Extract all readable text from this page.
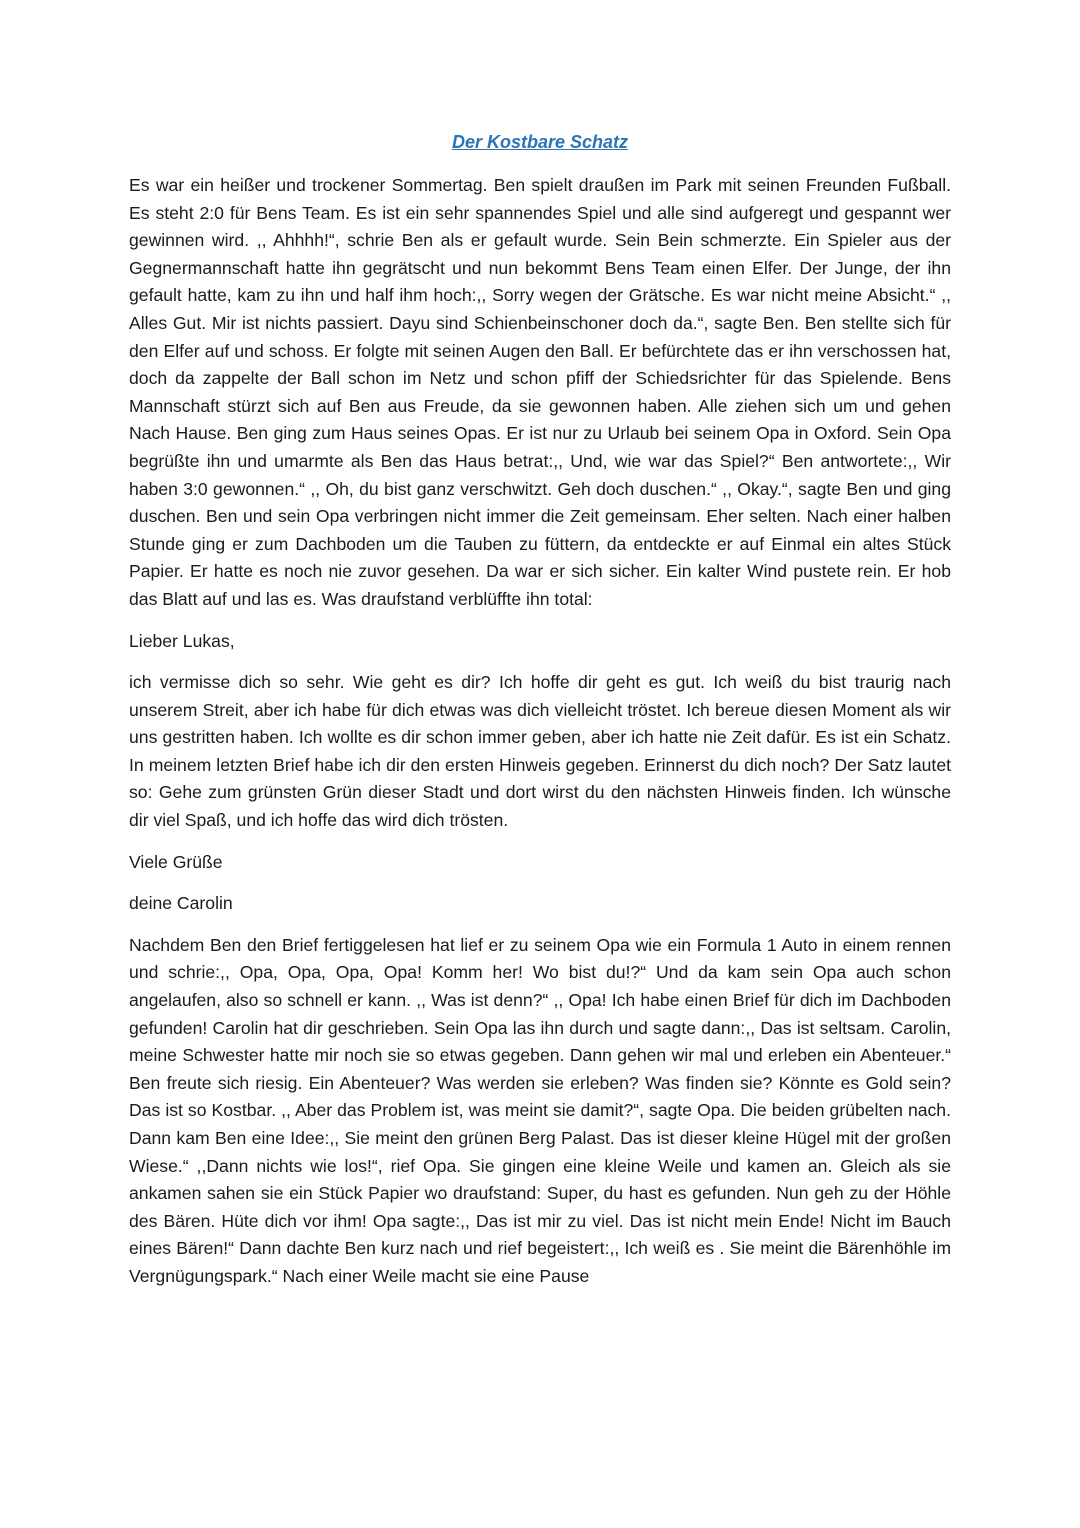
Der Kostbare Schatz

Es war ein heißer und trockener Sommertag. Ben spielt draußen im Park mit seinen Freunden Fußball. Es steht 2:0 für Bens Team. Es ist ein sehr spannendes Spiel und alle sind aufgeregt und gespannt wer gewinnen wird. ,, Ahhhh!“, schrie Ben als er gefault wurde. Sein Bein schmerzte. Ein Spieler aus der Gegnermannschaft hatte ihn gegrätscht und nun bekommt Bens Team einen Elfer. Der Junge, der ihn gefault hatte, kam zu ihn und half ihm hoch:,, Sorry wegen der Grätsche. Es war nicht meine Absicht.“ ,, Alles Gut. Mir ist nichts passiert. Dayu sind Schienbeinschoner doch da.“, sagte Ben. Ben stellte sich für den Elfer auf und schoss. Er folgte mit seinen Augen den Ball. Er befürchtete das er ihn verschossen hat, doch da zappelte der Ball schon im Netz und schon pfiff der Schiedsrichter für das Spielende. Bens Mannschaft stürzt sich auf Ben aus Freude, da sie gewonnen haben. Alle ziehen sich um und gehen Nach Hause. Ben ging zum Haus seines Opas. Er ist nur zu Urlaub bei seinem Opa in Oxford. Sein Opa begrüßte ihn und umarmte als Ben das Haus betrat:,, Und, wie war das Spiel?“ Ben antwortete:,, Wir haben 3:0 gewonnen.“ ,, Oh, du bist ganz verschwitzt. Geh doch duschen.“ ,, Okay.“, sagte Ben und ging duschen. Ben und sein Opa verbringen nicht immer die Zeit gemeinsam. Eher selten. Nach einer halben Stunde ging er zum Dachboden um die Tauben zu füttern, da entdeckte er auf Einmal ein altes Stück Papier. Er hatte es noch nie zuvor gesehen. Da war er sich sicher. Ein kalter Wind pustete rein. Er hob das Blatt auf und las es. Was draufstand verblüffte ihn total:

Lieber Lukas,

ich vermisse dich so sehr. Wie geht es dir? Ich hoffe dir geht es gut. Ich weiß du bist traurig nach unserem Streit, aber ich habe für dich etwas was dich vielleicht tröstet. Ich bereue diesen Moment als wir uns gestritten haben. Ich wollte es dir schon immer geben, aber ich hatte nie Zeit dafür. Es ist ein Schatz. In meinem letzten Brief habe ich dir den ersten Hinweis gegeben. Erinnerst du dich noch? Der Satz lautet so: Gehe zum grünsten Grün dieser Stadt und dort wirst du den nächsten Hinweis finden. Ich wünsche dir viel Spaß, und ich hoffe das wird dich trösten.

Viele Grüße

deine Carolin

Nachdem Ben den Brief fertiggelesen hat lief er zu seinem Opa wie ein Formula 1 Auto in einem rennen und schrie:,, Opa, Opa, Opa, Opa! Komm her! Wo bist du!?“ Und da kam sein Opa auch schon angelaufen, also so schnell er kann. ,, Was ist denn?“ ,, Opa! Ich habe einen Brief für dich im Dachboden gefunden! Carolin hat dir geschrieben. Sein Opa las ihn durch und sagte dann:,, Das ist seltsam. Carolin, meine Schwester hatte mir noch sie so etwas gegeben. Dann gehen wir mal und erleben ein Abenteuer.“ Ben freute sich riesig. Ein Abenteuer? Was werden sie erleben? Was finden sie? Könnte es Gold sein? Das ist so Kostbar. ,, Aber das Problem ist, was meint sie damit?“, sagte Opa. Die beiden grübelten nach. Dann kam Ben eine Idee:,, Sie meint den grünen Berg Palast. Das ist dieser kleine Hügel mit der großen Wiese.“ ,,Dann nichts wie los!“, rief Opa. Sie gingen eine kleine Weile und kamen an. Gleich als sie ankamen sahen sie ein Stück Papier wo draufstand: Super, du hast es gefunden. Nun geh zu der Höhle des Bären. Hüte dich vor ihm! Opa sagte:,, Das ist mir zu viel. Das ist nicht mein Ende! Nicht im Bauch eines Bären!“ Dann dachte Ben kurz nach und rief begeistert:,, Ich weiß es . Sie meint die Bärenhöhle im Vergnügungspark.“ Nach einer Weile macht sie eine Pause
